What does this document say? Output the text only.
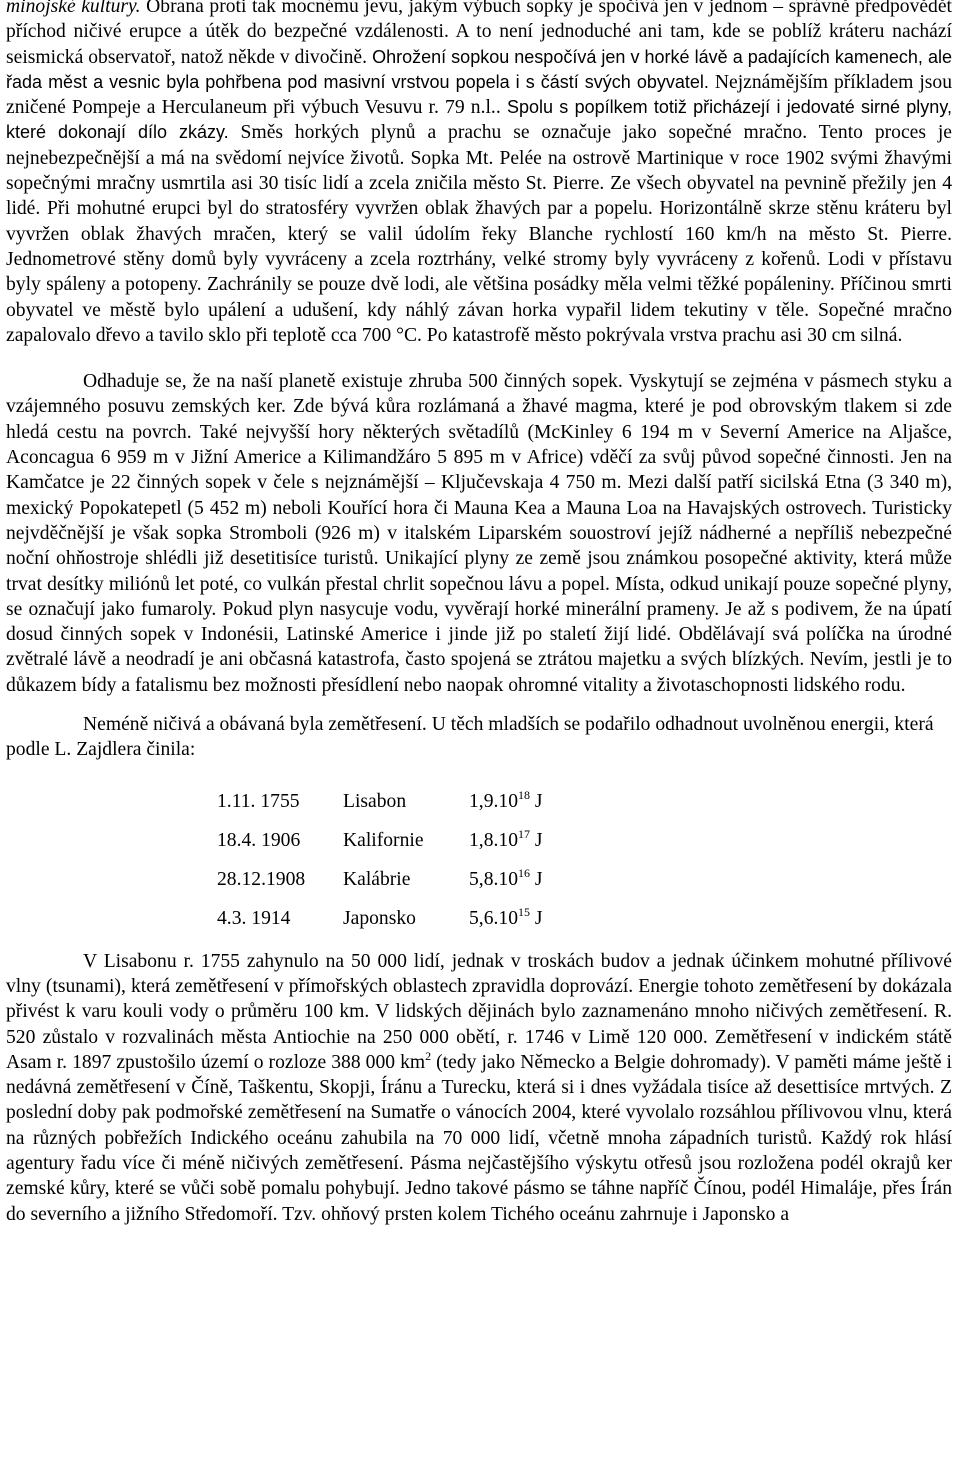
minojské kultury. Obrana proti tak mocnému jevu, jakým výbuch sopky je spočívá jen v jednom – správně předpovědět příchod ničivé erupce a útěk do bezpečné vzdálenosti. A to není jednoduché ani tam, kde se poblíž kráteru nachází seismická observatoř, natož někde v divočině. Ohrožení sopkou nespočívá jen v horké lávě a padajících kamenech, ale řada měst a vesnic byla pohřbena pod masivní vrstvou popela i s částí svých obyvatel. Nejznámějším příkladem jsou zničené Pompeje a Herculaneum při výbuch Vesuvu r. 79 n.l.. Spolu s popílkem totiž přicházejí i jedovaté sirné plyny, které dokonají dílo zkázy. Směs horkých plynů a prachu se označuje jako sopečné mračno. Tento proces je nejnebezpečnější a má na svědomí nejvíce životů. Sopka Mt. Pelée na ostrově Martinique v roce 1902 svými žhavými sopečnými mračny usmrtila asi 30 tisíc lidí a zcela zničila město St. Pierre. Ze všech obyvatel na pevnině přežily jen 4 lidé. Při mohutné erupci byl do stratosféry vyvržen oblak žhavých par a popelu. Horizontálně skrze stěnu kráteru byl vyvržen oblak žhavých mračen, který se valil údolím řeky Blanche rychlostí 160 km/h na město St. Pierre. Jednometrové stěny domů byly vyvráceny a zcela roztrhány, velké stromy byly vyvráceny z kořenů. Lodi v přístavu byly spáleny a potopeny. Zachránily se pouze dvě lodi, ale většina posádky měla velmi těžké popáleniny. Příčinou smrti obyvatel ve městě bylo upálení a udušení, kdy náhlý závan horka vypařil lidem tekutiny v těle. Sopečné mračno zapalovalo dřevo a tavilo sklo při teplotě cca 700 °C. Po katastrofě město pokrývala vrstva prachu asi 30 cm silná.

Odhaduje se, že na naší planetě existuje zhruba 500 činných sopek. Vyskytují se zejména v pásmech styku a vzájemného posuvu zemských ker. Zde bývá kůra rozlámaná a žhavé magma, které je pod obrovským tlakem si zde hledá cestu na povrch. Také nejvyšší hory některých světadílů (McKinley 6 194 m v Severní Americe na Aljašce, Aconcagua 6 959 m v Jižní Americe a Kilimandžáro 5 895 m v Africe) vděčí za svůj původ sopečné činnosti. Jen na Kamčatce je 22 činných sopek v čele s nejznámější – Ključevskaja 4 750 m. Mezi další patří sicilská Etna (3 340 m), mexický Popokatepetl (5 452 m) neboli Kouřící hora či Mauna Kea a Mauna Loa na Havajských ostrovech. Turisticky nejvděčnější je však sopka Stromboli (926 m) v italském Liparském souostroví jejíž nádherné a nepříliš nebezpečné noční ohňostroje shlédli již desetitisíce turistů. Unikající plyny ze země jsou známkou posopečné aktivity, která může trvat desítky miliónů let poté, co vulkán přestal chrlit sopečnou lávu a popel. Místa, odkud unikají pouze sopečné plyny, se označují jako fumaroly. Pokud plyn nasycuje vodu, vyvěrají horké minerální prameny. Je až s podivem, že na úpatí dosud činných sopek v Indonésii, Latinské Americe i jinde již po staletí žijí lidé. Obdělávají svá políčka na úrodné zvětralé lávě a neodradí je ani občasná katastrofa, často spojená se ztrátou majetku a svých blízkých. Nevím, jestli je to důkazem bídy a fatalismu bez možnosti přesídlení nebo naopak ohromné vitality a životaschopnosti lidského rodu.

Neméně ničivá a obávaná byla zemětřesení. U těch mladších se podařilo odhadnout uvolněnou energii, která podle L. Zajdlera činila:

1.11. 1755	Lisabon	1,9.10$^{18}$ J
18.4. 1906	Kalifornie	1,8.10$^{17}$ J
28.12.1908	Kalábrie	5,8.10$^{16}$ J
4.3. 1914	Japonsko	5,6.10$^{15}$ J

V Lisabonu r. 1755 zahynulo na 50 000 lidí, jednak v troskách budov a jednak účinkem mohutné přílivové vlny (tsunami), která zemětřesení v přímořských oblastech zpravidla doprovází. Energie tohoto zemětřesení by dokázala přivést k varu kouli vody o průměru 100 km. V lidských dějinách bylo zaznamenáno mnoho ničivých zemětřesení. R. 520 zůstalo v rozvalinách města Antiochie na 250 000 obětí, r. 1746 v Limě 120 000. Zemětřesení v indickém státě Asam r. 1897 zpustošilo území o rozloze 388 000 $km^2$ (tedy jako Německo a Belgie dohromady). V paměti máme ještě i nedávná zemětřesení v Číně, Taškentu, Skopji, Íránu a Turecku, která si i dnes vyžádala tisíce až desettisíce mrtvých. Z poslední doby pak podmořské zemětřesení na Sumatře o vánocích 2004, které vyvolalo rozsáhlou přílivovou vlnu, která na různých pobřežích Indického oceánu zahubila na 70 000 lidí, včetně mnoha západních turistů. Každý rok hlásí agentury řadu více či méně ničivých zemětřesení. Pásma nejčastějšího výskytu otřesů jsou rozložena podél okrajů ker zemské kůry, které se vůči sobě pomalu pohybují. Jedno takové pásmo se táhne napříč Čínou, podél Himaláje, přes Írán do severního a jižního Středomoří. Tzv. ohňový prsten kolem Tichého oceánu zahrnuje i Japonsko a
